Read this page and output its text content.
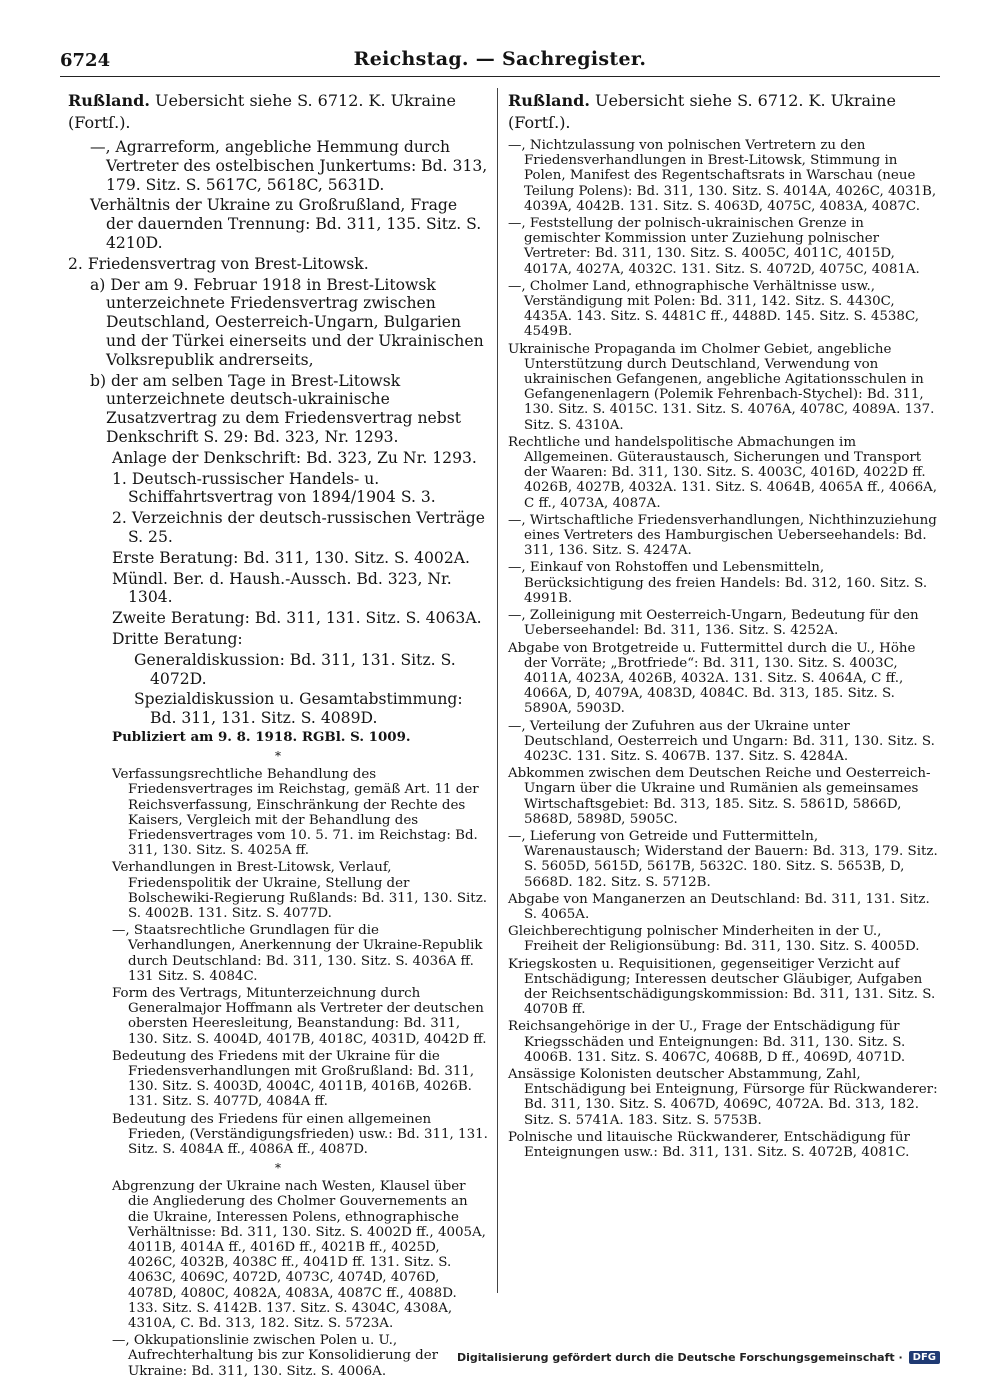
6724	Reichstag. — Sachregister.
Rußland. Uebersicht siehe S. 6712. K. Ukraine (Fortſ.).
—, Agrarreform, angebliche Hemmung durch Vertreter des ostelbischen Junkertums: Bd. 313, 179. Sitz. S. 5617C, 5618C, 5631D.
Verhältnis der Ukraine zu Großrußland, Frage der dauernden Trennung: Bd. 311, 135. Sitz. S. 4210D.
2. Friedensvertrag von Brest-Litowsk.
a) Der am 9. Februar 1918 in Brest-Litowsk unterzeichnete Friedensvertrag zwischen Deutschland, Oesterreich-Ungarn, Bulgarien und der Türkei einerseits und der Ukrainischen Volksrepublik andrerseits,
b) der am selben Tage in Brest-Litowsk unterzeichnete deutsch-ukrainische Zusatzvertrag zu dem Friedensvertrag nebst Denkschrift S. 29: Bd. 323, Nr. 1293.
Anlage der Denkschrift: Bd. 323, Zu Nr. 1293.
1. Deutsch-russischer Handels- u. Schiffahrtsvertrag von 1894/1904 S. 3.
2. Verzeichnis der deutsch-russischen Verträge S. 25.
Erste Beratung: Bd. 311, 130. Sitz. S. 4002A.
Mündl. Ber. d. Haush.-Aussch. Bd. 323, Nr. 1304.
Zweite Beratung: Bd. 311, 131. Sitz. S. 4063A.
Dritte Beratung:
Generaldiskussion: Bd. 311, 131. Sitz. S. 4072D.
Spezialdiskussion u. Gesamtabstimmung: Bd. 311, 131. Sitz. S. 4089D.
Publiziert am 9. 8. 1918. RGBl. S. 1009.
*
Verfassungsrechtliche Behandlung des Friedensvertrages im Reichstag, gemäß Art. 11 der Reichsverfassung, Einschränkung der Rechte des Kaisers, Vergleich mit der Behandlung des Friedensvertrages vom 10. 5. 71. im Reichstag: Bd. 311, 130. Sitz. S. 4025A ff.
Verhandlungen in Brest-Litowsk, Verlauf, Friedenspolitik der Ukraine, Stellung der Bolschewiki-Regierung Rußlands: Bd. 311, 130. Sitz. S. 4002B. 131. Sitz. S. 4077D.
—, Staatsrechtliche Grundlagen für die Verhandlungen, Anerkennung der Ukraine-Republik durch Deutschland: Bd. 311, 130. Sitz. S. 4036A ff. 131 Sitz. S. 4084C.
Form des Vertrags, Mitunterzeichnung durch Generalmajor Hoffmann als Vertreter der deutschen obersten Heeresleitung, Beanstandung: Bd. 311, 130. Sitz. S. 4004D, 4017B, 4018C, 4031D, 4042D ff.
Bedeutung des Friedens mit der Ukraine für die Friedensverhandlungen mit Großrußland: Bd. 311, 130. Sitz. S. 4003D, 4004C, 4011B, 4016B, 4026B. 131. Sitz. S. 4077D, 4084A ff.
Bedeutung des Friedens für einen allgemeinen Frieden, (Verständigungsfrieden) usw.: Bd. 311, 131. Sitz. S. 4084A ff., 4086A ff., 4087D.
*
Abgrenzung der Ukraine nach Westen, Klausel über die Angliederung des Cholmer Gouvernements an die Ukraine, Interessen Polens, ethnographische Verhältnisse: Bd. 311, 130. Sitz. S. 4002D ff., 4005A, 4011B, 4014A ff., 4016D ff., 4021B ff., 4025D, 4026C, 4032B, 4038C ff., 4041D ff. 131. Sitz. S. 4063C, 4069C, 4072D, 4073C, 4074D, 4076D, 4078D, 4080C, 4082A, 4083A, 4087C ff., 4088D. 133. Sitz. S. 4142B. 137. Sitz. S. 4304C, 4308A, 4310A, C. Bd. 313, 182. Sitz. S. 5723A.
—, Okkupationslinie zwischen Polen u. U., Aufrechterhaltung bis zur Konsolidierung der Ukraine: Bd. 311, 130. Sitz. S. 4006A.
Rußland. Uebersicht siehe S. 6712. K. Ukraine (Fortſ.).
—, Nichtzulassung von polnischen Vertretern zu den Friedensverhandlungen in Brest-Litowsk, Stimmung in Polen, Manifest des Regentschaftsrats in Warschau (neue Teilung Polens): Bd. 311, 130. Sitz. S. 4014A, 4026C, 4031B, 4039A, 4042B. 131. Sitz. S. 4063D, 4075C, 4083A, 4087C.
—, Feststellung der polnisch-ukrainischen Grenze in gemischter Kommission unter Zuziehung polnischer Vertreter: Bd. 311, 130. Sitz. S. 4005C, 4011C, 4015D, 4017A, 4027A, 4032C. 131. Sitz. S. 4072D, 4075C, 4081A.
—, Cholmer Land, ethnographische Verhältnisse usw., Verständigung mit Polen: Bd. 311, 142. Sitz. S. 4430C, 4435A. 143. Sitz. S. 4481C ff., 4488D. 145. Sitz. S. 4538C, 4549B.
Ukrainische Propaganda im Cholmer Gebiet, angebliche Unterstützung durch Deutschland, Verwendung von ukrainischen Gefangenen, angebliche Agitationsschulen in Gefangenenlagern (Polemik Fehrenbach-Stychel): Bd. 311, 130. Sitz. S. 4015C. 131. Sitz. S. 4076A, 4078C, 4089A. 137. Sitz. S. 4310A.
Rechtliche und handelspolitische Abmachungen im Allgemeinen. Güteraustausch, Sicherungen und Transport der Waaren: Bd. 311, 130. Sitz. S. 4003C, 4016D, 4022D ff. 4026B, 4027B, 4032A. 131. Sitz. S. 4064B, 4065A ff., 4066A, C ff., 4073A, 4087A.
—, Wirtschaftliche Friedensverhandlungen, Nichthinzuziehung eines Vertreters des Hamburgischen Ueberseehandels: Bd. 311, 136. Sitz. S. 4247A.
—, Einkauf von Rohstoffen und Lebensmitteln, Berücksichtigung des freien Handels: Bd. 312, 160. Sitz. S. 4991B.
—, Zolleinigung mit Oesterreich-Ungarn, Bedeutung für den Ueberseehandel: Bd. 311, 136. Sitz. S. 4252A.
Abgabe von Brotgetreide u. Futtermittel durch die U., Höhe der Vorräte; „Brotfriede“: Bd. 311, 130. Sitz. S. 4003C, 4011A, 4023A, 4026B, 4032A. 131. Sitz. S. 4064A, C ff., 4066A, D, 4079A, 4083D, 4084C. Bd. 313, 185. Sitz. S. 5890A, 5903D.
—, Verteilung der Zufuhren aus der Ukraine unter Deutschland, Oesterreich und Ungarn: Bd. 311, 130. Sitz. S. 4023C. 131. Sitz. S. 4067B. 137. Sitz. S. 4284A.
Abkommen zwischen dem Deutschen Reiche und Oesterreich-Ungarn über die Ukraine und Rumänien als gemeinsames Wirtschaftsgebiet: Bd. 313, 185. Sitz. S. 5861D, 5866D, 5868D, 5898D, 5905C.
—, Lieferung von Getreide und Futtermitteln, Warenaustausch; Widerstand der Bauern: Bd. 313, 179. Sitz. S. 5605D, 5615D, 5617B, 5632C. 180. Sitz. S. 5653B, D, 5668D. 182. Sitz. S. 5712B.
Abgabe von Manganerzen an Deutschland: Bd. 311, 131. Sitz. S. 4065A.
Gleichberechtigung polnischer Minderheiten in der U., Freiheit der Religionsübung: Bd. 311, 130. Sitz. S. 4005D.
Kriegskosten u. Requisitionen, gegenseitiger Verzicht auf Entschädigung; Interessen deutscher Gläubiger, Aufgaben der Reichsentschädigungskommission: Bd. 311, 131. Sitz. S. 4070B ff.
Reichsangehörige in der U., Frage der Entschädigung für Kriegsschäden und Enteignungen: Bd. 311, 130. Sitz. S. 4006B. 131. Sitz. S. 4067C, 4068B, D ff., 4069D, 4071D.
Ansässige Kolonisten deutscher Abstammung, Zahl, Entschädigung bei Enteignung, Fürsorge für Rückwanderer: Bd. 311, 130. Sitz. S. 4067D, 4069C, 4072A. Bd. 313, 182. Sitz. S. 5741A. 183. Sitz. S. 5753B.
Polnische und litauische Rückwanderer, Entschädigung für Enteignungen usw.: Bd. 311, 131. Sitz. S. 4072B, 4081C.
Digitalisierung gefördert durch die Deutsche Forschungsgemeinschaft ·	DFG
